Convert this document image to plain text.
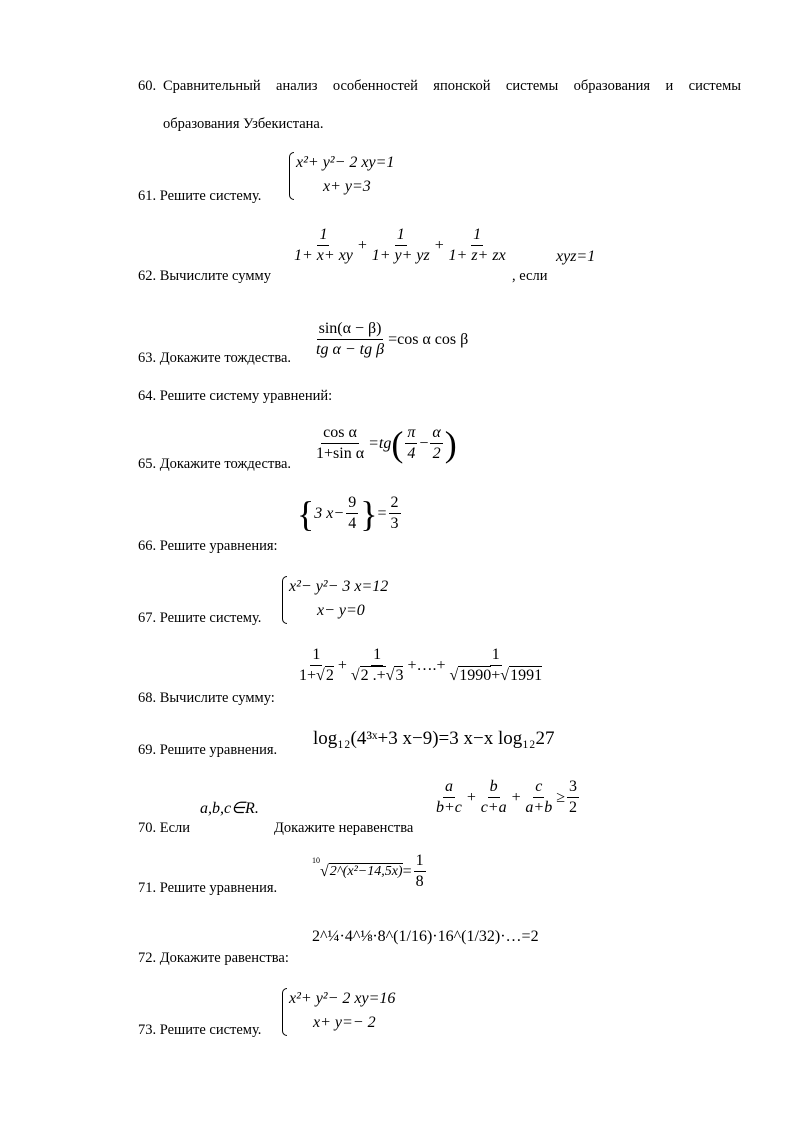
60. Сравнительный анализ особенностей японской системы образования и системы
образования Узбекистана.
x²+ y²− 2 xy=1
x+ y=3
61. Решите систему.
$\frac{1}{1+ x+ xy} + \frac{1}{1+ y+ yz} + \frac{1}{1+ z+ zx}$	xyz=1
62. Вычислите сумму	, если
$\frac{\sin⁡(\alpha - \beta)}{\text{tg α − tg β}} =\cos$ α cos β
63. Докажите тождества.
64. Решите систему уравнений:
$\frac{\text{cos α}}{\text{1+sin α}} =tg$ ( $\frac{\pi}{4} - \frac{\alpha}{2}$ )
65. Докажите тождества.
{ 3 $x- \frac{9}{4}$ } = $\frac{2}{3}$
66. Решите уравнения:
x²− y²− 3 x=12
x− y=0
67. Решите систему.
$\frac{1}{1+√2} + \frac{1}{√2 .+√3}$ +….+ $\frac{1}{√1990+√1991}$
68. Вычислите сумму:
log₁₂(4³ˣ+3 x−9)=3 x−x log₁₂27
69. Решите уравнения.
a,b,c∈R.	$\frac{a}{b+c} + \frac{b}{c+a} + \frac{c}{a+b} \ge \frac{3}{2}$
70. Если	Докажите неравенства
10
√ 2^(x²−14,5x) = $\frac{1}{8}$
71. Решите уравнения.
2^¼·4^⅛·8^(1/16)·16^(1/32)·…=2
72. Докажите равенства:
x²+ y²− 2 xy=16
x+ y=− 2
73. Решите систему.
